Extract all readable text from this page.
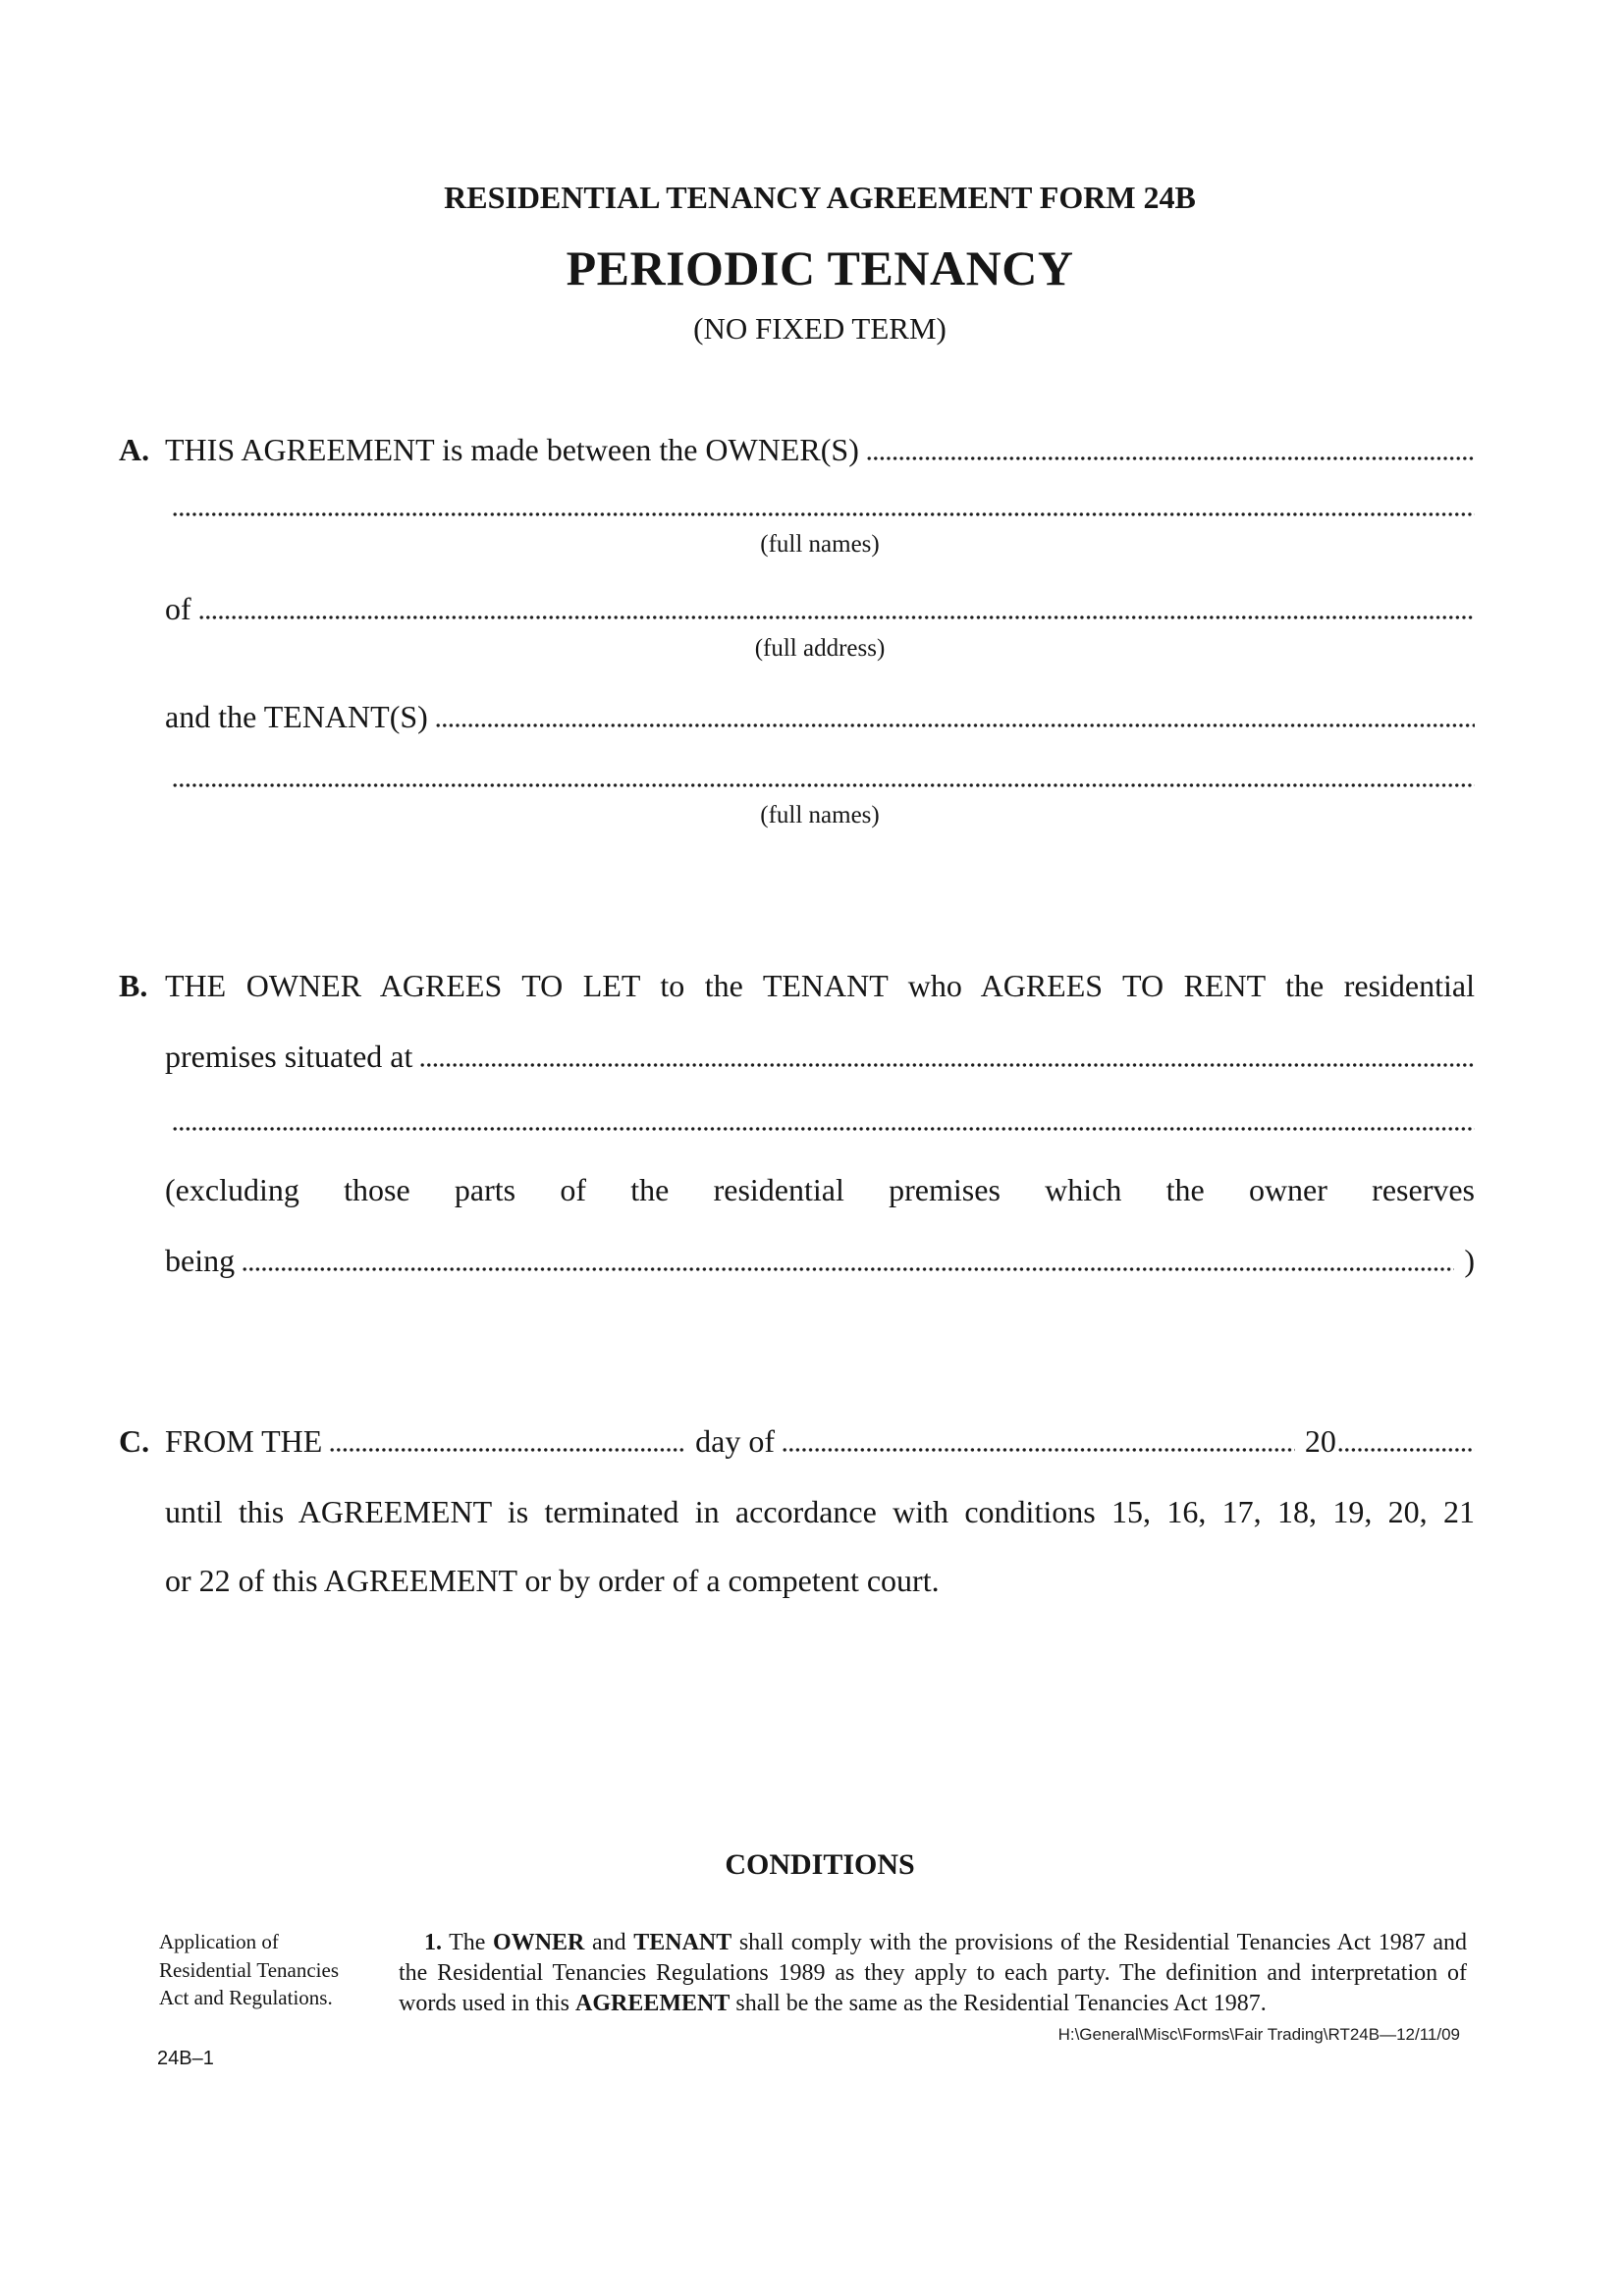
RESIDENTIAL TENANCY AGREEMENT FORM 24B
PERIODIC TENANCY
(NO FIXED TERM)
A. THIS AGREEMENT is made between the OWNER(S)
(full names)
of
(full address)
and the TENANT(S)
(full names)
B. THE OWNER AGREES TO LET to the TENANT who AGREES TO RENT the residential
premises situated at
(excluding those parts of the residential premises which the owner reserves
being	)
C. FROM THE	day of	20
until this AGREEMENT is terminated in accordance with conditions 15, 16, 17, 18, 19, 20, 21
or 22 of this AGREEMENT or by order of a competent court.
CONDITIONS
Application of Residential Tenancies Act and Regulations.

1. The OWNER and TENANT shall comply with the provisions of the Residential Tenancies Act 1987 and the Residential Tenancies Regulations 1989 as they apply to each party. The definition and interpretation of words used in this AGREEMENT shall be the same as the Residential Tenancies Act 1987.

H:\General\Misc\Forms\Fair Trading\RT24B—12/11/09
24B–1
